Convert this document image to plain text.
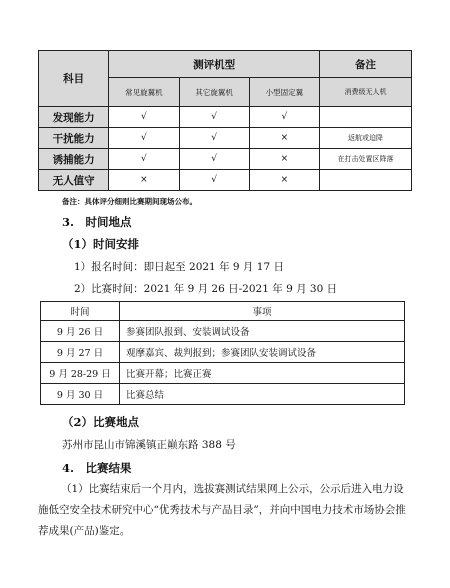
科目	测评机型			备注
	常见旋翼机	其它旋翼机	小型固定翼	消费级无人机
发现能力	√	√	√	
干扰能力	√	√	×	返航或迫降
诱捕能力	√	√	×	在打击处置区降落
无人值守	×	√	×	
备注：具体评分细则比赛期间现场公布。
3.　时间地点
（1）时间安排
1）报名时间：即日起至 2021 年 9 月 17 日
2）比赛时间：2021 年 9 月 26 日-2021 年 9 月 30 日
时间	事项
9 月 26 日	参赛团队报到、安装调试设备
9 月 27 日	观摩嘉宾、裁判报到；参赛团队安装调试设备
9 月 28-29 日	比赛开幕；比赛正赛
9 月 30 日	比赛总结
（2）比赛地点
苏州市昆山市锦溪镇正巅东路 388 号
4.　比赛结果
（1）比赛结束后一个月内，选拔赛测试结果网上公示，公示后进入电力设施低空安全技术研究中心“优秀技术与产品目录”，并向中国电力技术市场协会推荐成果(产品)鉴定。
